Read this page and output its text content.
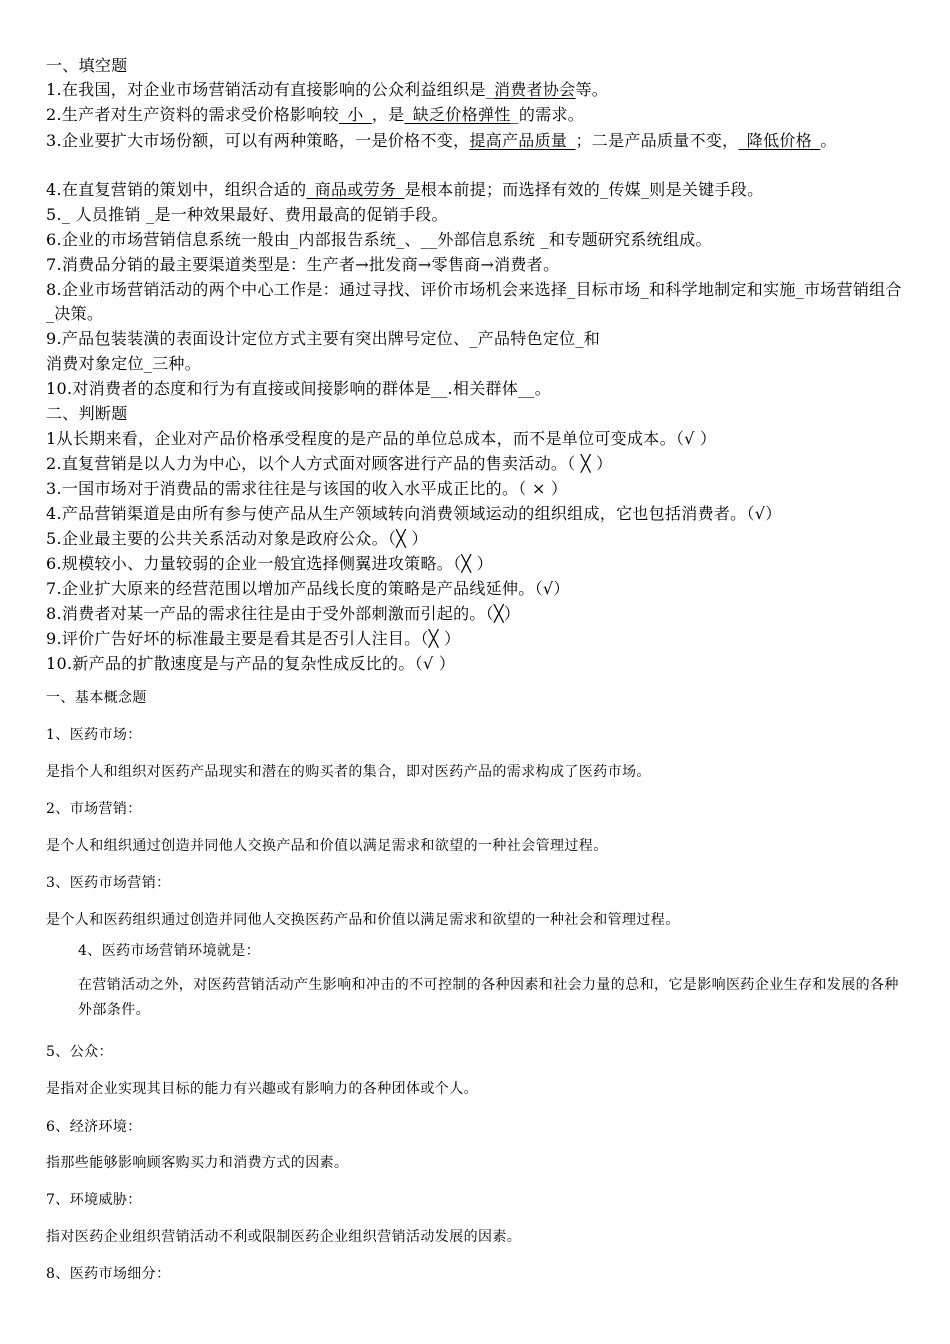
一、填空题
1.在我国，对企业市场营销活动有直接影响的公众利益组织是_消费者协会等。
2.生产者对生产资料的需求受价格影响较_小_，是_缺乏价格弹性_的需求。
3.企业要扩大市场份额，可以有两种策略，一是价格不变，提高产品质量_；二是产品质量不变，_降低价格_。
4.在直复营销的策划中，组织合适的_商品或劳务_是根本前提；而选择有效的_传媒_则是关键手段。
5._ 人员推销 _是一种效果最好、费用最高的促销手段。
6.企业的市场营销信息系统一般由_内部报告系统_、__外部信息系统 _和专题研究系统组成。
7.消费品分销的最主要渠道类型是：生产者→批发商→零售商→消费者。
8.企业市场营销活动的两个中心工作是：通过寻找、评价市场机会来选择_目标市场_和科学地制定和实施_市场营销组合_决策。
9.产品包装装潢的表面设计定位方式主要有突出牌号定位、_产品特色定位_和
消费对象定位_三种。
10.对消费者的态度和行为有直接或间接影响的群体是__.相关群体__。
二、判断题
1从长期来看，企业对产品价格承受程度的是产品的单位总成本，而不是单位可变成本。（√ ）
2.直复营销是以人力为中心，以个人方式面对顾客进行产品的售卖活动。（ ╳ ）
3.一国市场对于消费品的需求往往是与该国的收入水平成正比的。（ × ）
4.产品营销渠道是由所有参与使产品从生产领域转向消费领域运动的组织组成，它也包括消费者。（√）
5.企业最主要的公共关系活动对象是政府公众。（╳ ）
6.规模较小、力量较弱的企业一般宜选择侧翼进攻策略。（╳ ）
7.企业扩大原来的经营范围以增加产品线长度的策略是产品线延伸。（√）
8.消费者对某一产品的需求往往是由于受外部刺激而引起的。（╳）
9.评价广告好坏的标准最主要是看其是否引人注目。（╳ ）
10.新产品的扩散速度是与产品的复杂性成反比的。（√ ）
一、基本概念题
1、医药市场：
是指个人和组织对医药产品现实和潜在的购买者的集合，即对医药产品的需求构成了医药市场。
2、市场营销：
是个人和组织通过创造并同他人交换产品和价值以满足需求和欲望的一种社会管理过程。
3、医药市场营销：
是个人和医药组织通过创造并同他人交换医药产品和价值以满足需求和欲望的一种社会和管理过程。
4、医药市场营销环境就是：
在营销活动之外，对医药营销活动产生影响和冲击的不可控制的各种因素和社会力量的总和，它是影响医药企业生存和发展的各种外部条件。
5、公众：
是指对企业实现其目标的能力有兴趣或有影响力的各种团体或个人。
6、经济环境：
指那些能够影响顾客购买力和消费方式的因素。
7、环境威胁：
指对医药企业组织营销活动不利或限制医药企业组织营销活动发展的因素。
8、医药市场细分：
